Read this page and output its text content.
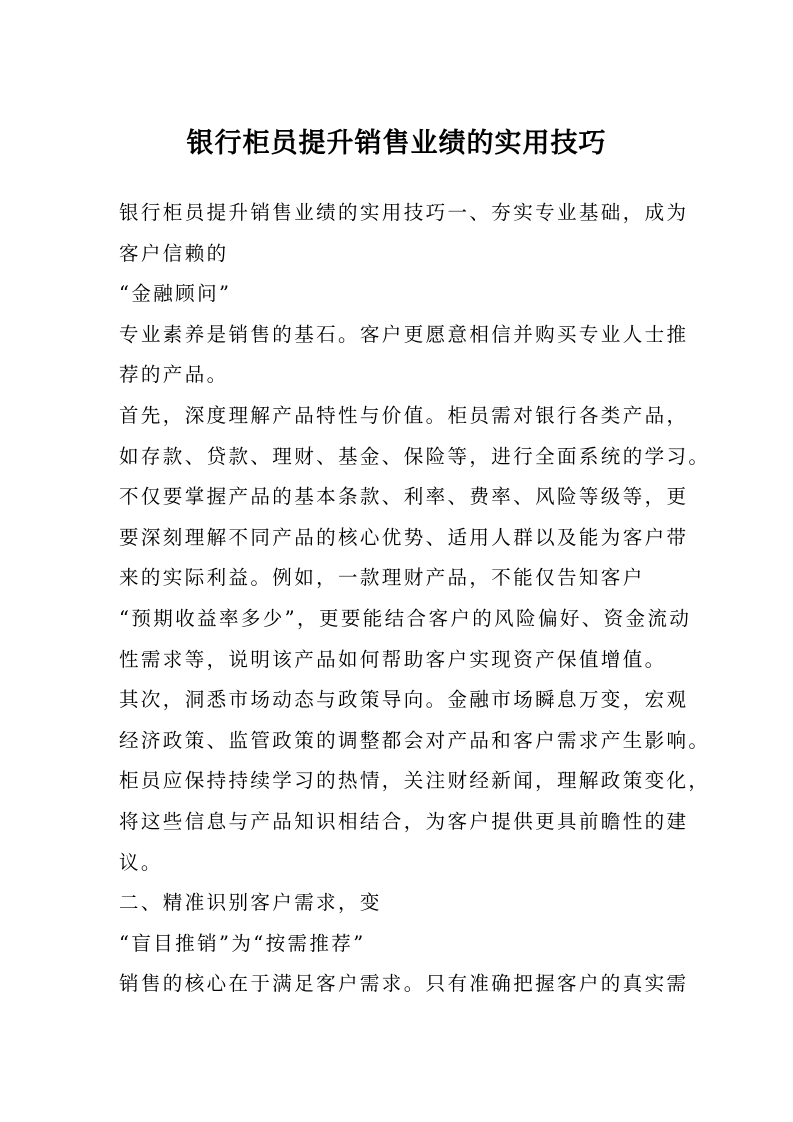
银行柜员提升销售业绩的实用技巧
银行柜员提升销售业绩的实用技巧一、夯实专业基础，成为
客户信赖的
“金融顾问”
专业素养是销售的基石。客户更愿意相信并购买专业人士推
荐的产品。
首先，深度理解产品特性与价值。柜员需对银行各类产品，
如存款、贷款、理财、基金、保险等，进行全面系统的学习。
不仅要掌握产品的基本条款、利率、费率、风险等级等，更
要深刻理解不同产品的核心优势、适用人群以及能为客户带
来的实际利益。例如，一款理财产品，不能仅告知客户
“预期收益率多少”，更要能结合客户的风险偏好、资金流动
性需求等，说明该产品如何帮助客户实现资产保值增值。
其次，洞悉市场动态与政策导向。金融市场瞬息万变，宏观
经济政策、监管政策的调整都会对产品和客户需求产生影响。
柜员应保持持续学习的热情，关注财经新闻，理解政策变化，
将这些信息与产品知识相结合，为客户提供更具前瞻性的建
议。
二、精准识别客户需求，变
“盲目推销”为“按需推荐”
销售的核心在于满足客户需求。只有准确把握客户的真实需
